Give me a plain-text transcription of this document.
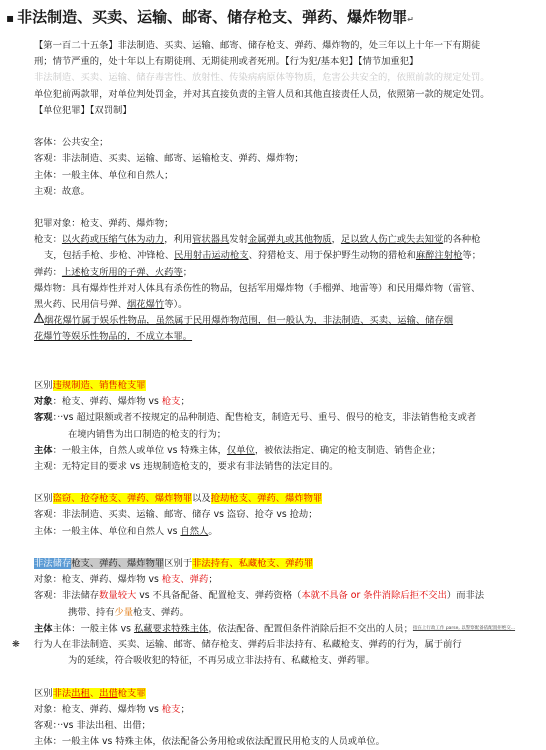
▪ 非法制造、买卖、运输、邮寄、储存枪支、弹药、爆炸物罪↵
【第一百二十五条】非法制造、买卖、运输、邮寄、储存枪支、弹药、爆炸物的，处三年以上十年一下有期徒
刑；情节严重的，处十年以上有期徒刑、无期徒刑或者死刑。【行为犯/基本犯】【情节加重犯】
非法制造、买卖、运输、储存毒害性、放射性、传染病病原体等物质，危害公共安全的，依照前款的规定处罚。
单位犯前两款罪，对单位判处罚金，并对其直接负责的主管人员和其他直接责任人员，依照第一款的规定处罚。
【单位犯罪】【双罚制】
客体：公共安全；
客观：非法制造、买卖、运输、邮寄、运输枪支、弹药、爆炸物；
主体：一般主体、单位和自然人；
主观：故意。
犯罪对象：枪支、弹药、爆炸物；
枪支：以火药或压缩气体为动力，利用管状器具发射金属弹丸或其他物质，足以致人伤亡或失去知觉的各种枪
支，包括手枪、步枪、冲锋枪、民用射击运动枪支、狩猎枪支、用于保护野生动物的猎枪和麻醉注射枪等；
弹药：上述枪支所用的子弹、火药等；
爆炸物：具有爆炸性并对人体具有杀伤性的物品，包括军用爆炸物（手榴弹、地雷等）和民用爆炸物（雷管、
黑火药、民用信号弹、烟花爆竹等）。
烟花爆竹属于娱乐性物品，虽然属于民用爆炸物范围，但一般认为，非法制造、买卖、运输、储存烟
花爆竹等娱乐性物品的，不成立本罪。
区别违规制造、销售枪支罪
对象：枪支、弹药、爆炸物 vs 枪支；
客观：··vs 超过限额或者不按规定的品种制造、配售枪支，制造无号、重号、假号的枪支，非法销售枪支或者
在境内销售为出口制造的枪支的行为；
主体：一般主体，自然人或单位 vs 特殊主体，仅单位，被依法指定、确定的枪支制造、销售企业；
主观：无特定目的要求 vs 违规制造枪支的，要求有非法销售的法定目的。
区别盗窃、抢夺枪支、弹药、爆炸物罪以及抢劫枪支、弹药、爆炸物罪
客观：非法制造、买卖、运输、邮寄、储存 vs 盗窃、抢夺 vs 抢劫；
主体：一般主体、单位和自然人 vs 自然人。
非法储存枪支、弹药、爆炸物罪区别于非法持有、私藏枪支、弹药罪
对象：枪支、弹药、爆炸物 vs 枪支、弹药；
客观：非法储存数量较大 vs 不具备配备、配置枪支、弹药资格（本就不具备 or 条件消除后拒不交出）而非法
携带、持有少量枪支、弹药。
主体主体：一般主体 vs 私藏要求特殊主体，依法配备、配置但条件消除后拒不交出的人员；指在上行政工作 parse, 以警察配备依配置拒绝交...
❋ 行为人在非法制造、买卖、运输、邮寄、储存枪支、弹药后非法持有、私藏枪支、弹药的行为，属于前行
为的延续，符合吸收犯的特征，不再另成立非法持有、私藏枪支、弹药罪。
区别非法出租、出借枪支罪
对象：枪支、弹药、爆炸物 vs 枪支；
客观：··vs 非法出租、出借；
主体：一般主体 vs 特殊主体，依法配备公务用枪或依法配置民用枪支的人员或单位。
